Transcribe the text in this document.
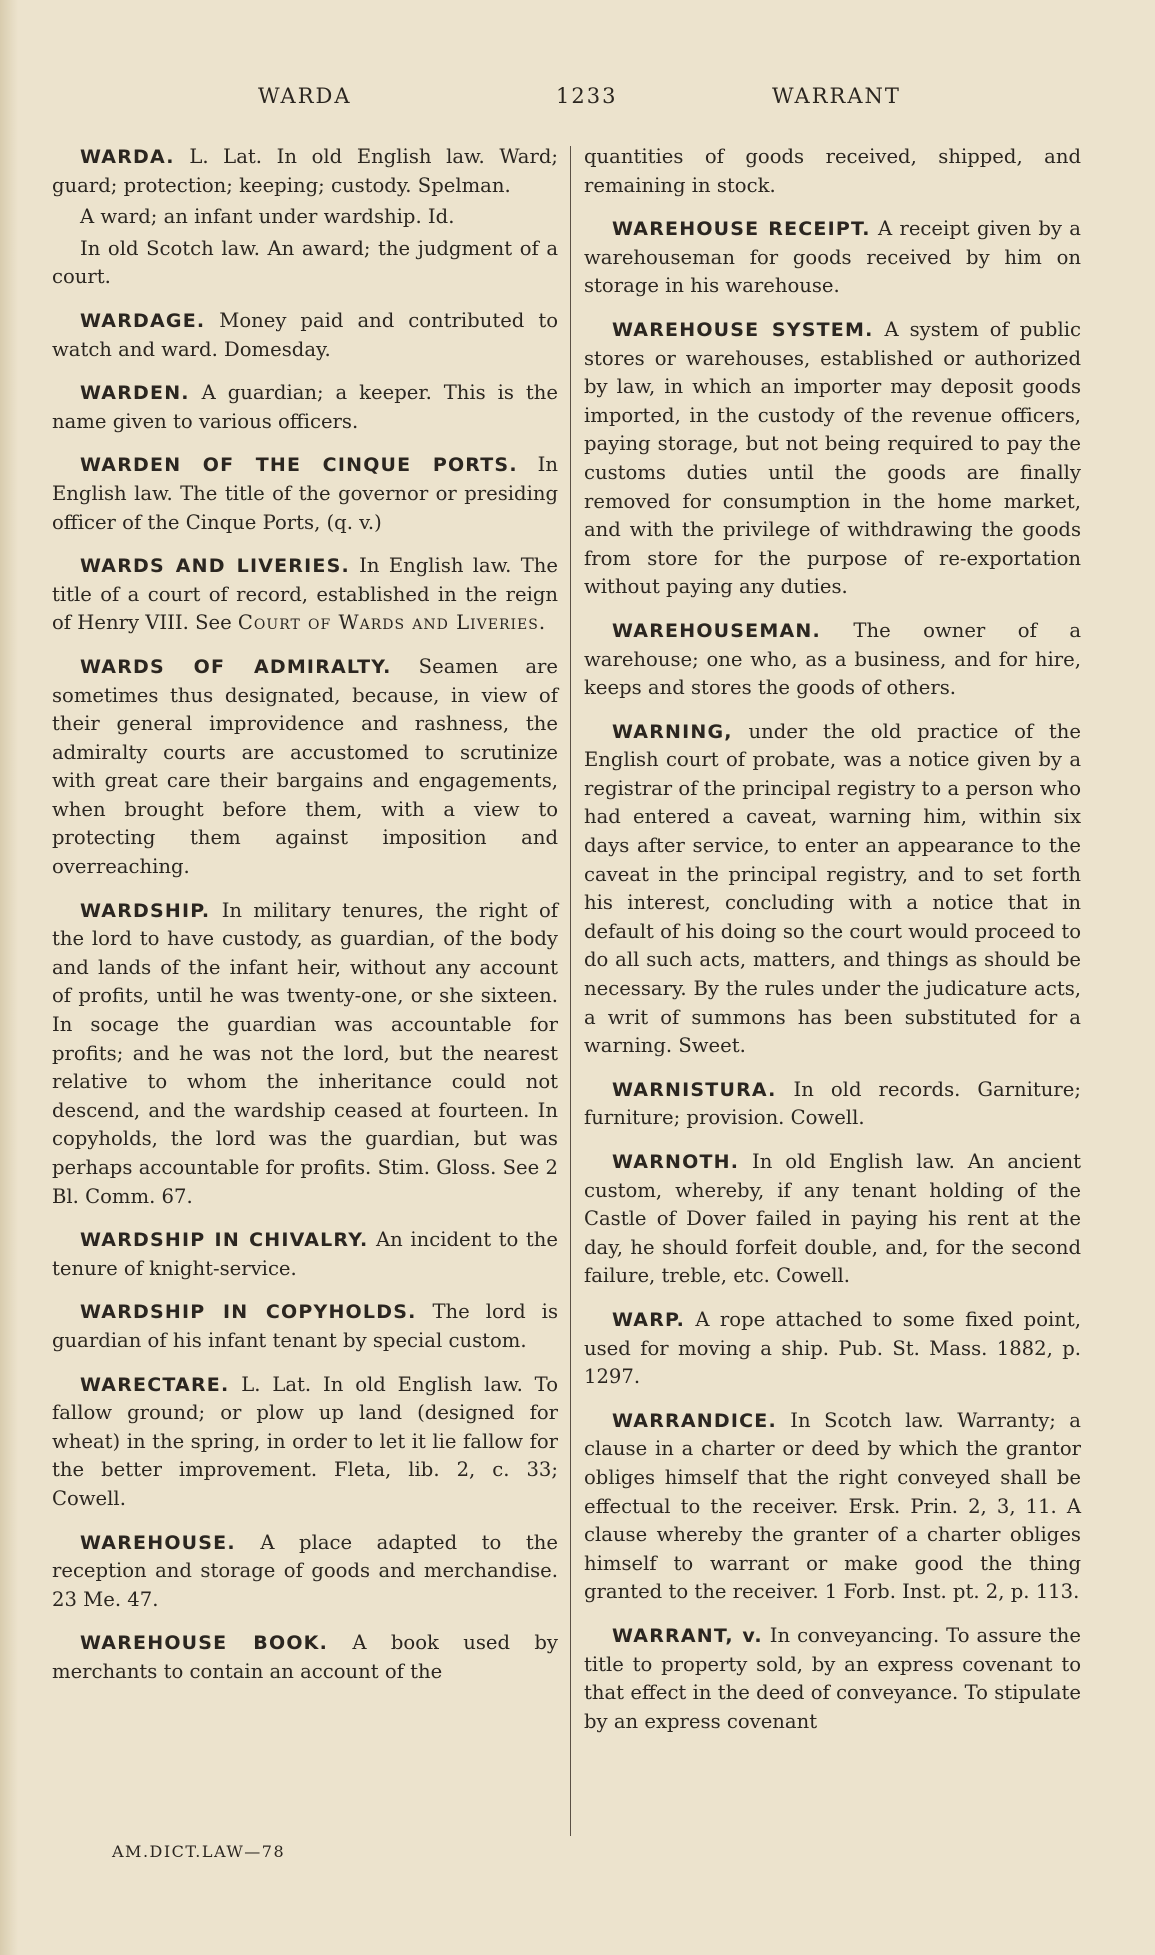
WARDA	1233	WARRANT

WARDA. L. Lat. In old English law. Ward; guard; protection; keeping; custody. Spelman.

A ward; an infant under wardship. Id.

In old Scotch law. An award; the judgment of a court.

WARDAGE. Money paid and contributed to watch and ward. Domesday.

WARDEN. A guardian; a keeper. This is the name given to various officers.

WARDEN OF THE CINQUE PORTS. In English law. The title of the governor or presiding officer of the Cinque Ports, (q. v.)

WARDS AND LIVERIES. In English law. The title of a court of record, established in the reign of Henry VIII. See Court of Wards and Liveries.

WARDS OF ADMIRALTY. Seamen are sometimes thus designated, because, in view of their general improvidence and rashness, the admiralty courts are accustomed to scrutinize with great care their bargains and engagements, when brought before them, with a view to protecting them against imposition and overreaching.

WARDSHIP. In military tenures, the right of the lord to have custody, as guardian, of the body and lands of the infant heir, without any account of profits, until he was twenty-one, or she sixteen. In socage the guardian was accountable for profits; and he was not the lord, but the nearest relative to whom the inheritance could not descend, and the wardship ceased at fourteen. In copyholds, the lord was the guardian, but was perhaps accountable for profits. Stim. Gloss. See 2 Bl. Comm. 67.

WARDSHIP IN CHIVALRY. An incident to the tenure of knight-service.

WARDSHIP IN COPYHOLDS. The lord is guardian of his infant tenant by special custom.

WARECTARE. L. Lat. In old English law. To fallow ground; or plow up land (designed for wheat) in the spring, in order to let it lie fallow for the better improvement. Fleta, lib. 2, c. 33; Cowell.

WAREHOUSE. A place adapted to the reception and storage of goods and merchandise. 23 Me. 47.

WAREHOUSE BOOK. A book used by merchants to contain an account of the

quantities of goods received, shipped, and remaining in stock.

WAREHOUSE RECEIPT. A receipt given by a warehouseman for goods received by him on storage in his warehouse.

WAREHOUSE SYSTEM. A system of public stores or warehouses, established or authorized by law, in which an importer may deposit goods imported, in the custody of the revenue officers, paying storage, but not being required to pay the customs duties until the goods are finally removed for consumption in the home market, and with the privilege of withdrawing the goods from store for the purpose of re-exportation without paying any duties.

WAREHOUSEMAN. The owner of a warehouse; one who, as a business, and for hire, keeps and stores the goods of others.

WARNING, under the old practice of the English court of probate, was a notice given by a registrar of the principal registry to a person who had entered a caveat, warning him, within six days after service, to enter an appearance to the caveat in the principal registry, and to set forth his interest, concluding with a notice that in default of his doing so the court would proceed to do all such acts, matters, and things as should be necessary. By the rules under the judicature acts, a writ of summons has been substituted for a warning. Sweet.

WARNISTURA. In old records. Garniture; furniture; provision. Cowell.

WARNOTH. In old English law. An ancient custom, whereby, if any tenant holding of the Castle of Dover failed in paying his rent at the day, he should forfeit double, and, for the second failure, treble, etc. Cowell.

WARP. A rope attached to some fixed point, used for moving a ship. Pub. St. Mass. 1882, p. 1297.

WARRANDICE. In Scotch law. Warranty; a clause in a charter or deed by which the grantor obliges himself that the right conveyed shall be effectual to the receiver. Ersk. Prin. 2, 3, 11. A clause whereby the granter of a charter obliges himself to warrant or make good the thing granted to the receiver. 1 Forb. Inst. pt. 2, p. 113.

WARRANT, v. In conveyancing. To assure the title to property sold, by an express covenant to that effect in the deed of conveyance. To stipulate by an express covenant

AM.DICT.LAW—78
